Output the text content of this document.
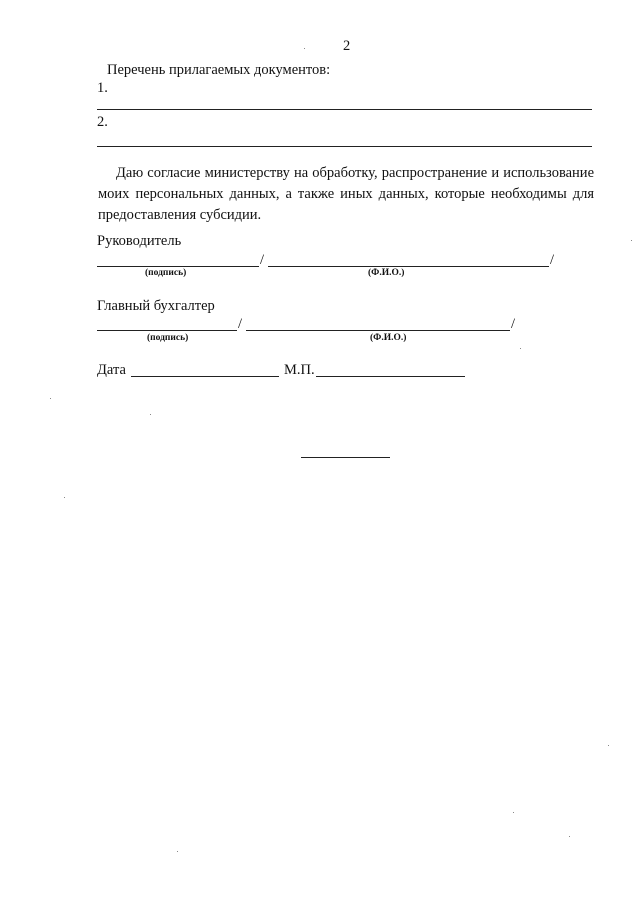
2
Перечень прилагаемых документов:
1.
2.
Даю согласие министерству на обработку, распространение и использование моих персональных данных, а также иных данных, которые необходимы для предоставления субсидии.
Руководитель
/	/
(подпись)	(Ф.И.О.)
Главный бухгалтер
/	/
(подпись)	(Ф.И.О.)
Дата	М.П.
